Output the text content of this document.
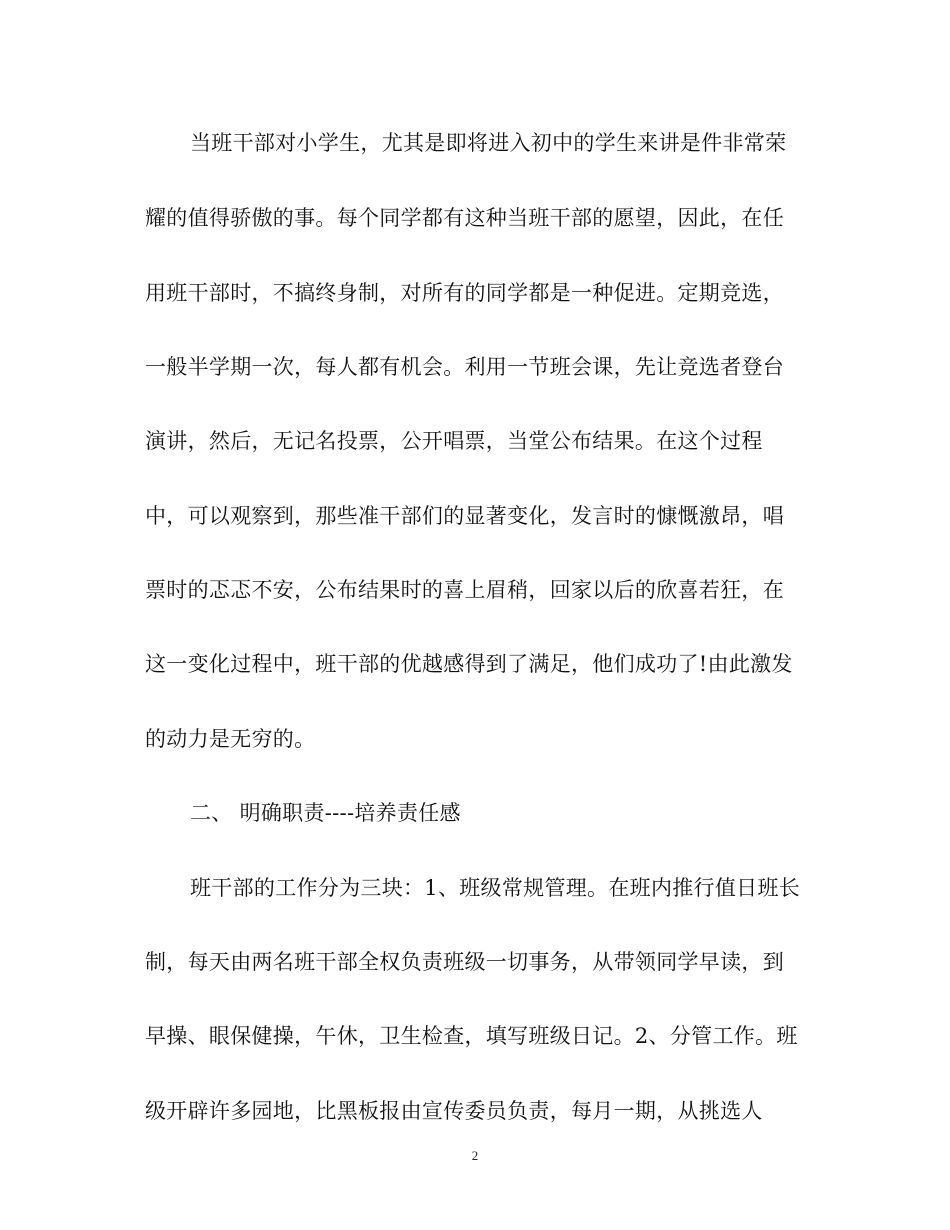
当班干部对小学生，尤其是即将进入初中的学生来讲是件非常荣
耀的值得骄傲的事。每个同学都有这种当班干部的愿望，因此，在任
用班干部时，不搞终身制，对所有的同学都是一种促进。定期竞选，
一般半学期一次，每人都有机会。利用一节班会课，先让竞选者登台
演讲，然后，无记名投票，公开唱票，当堂公布结果。在这个过程
中，可以观察到，那些准干部们的显著变化，发言时的慷慨激昂，唱
票时的忑忑不安，公布结果时的喜上眉稍，回家以后的欣喜若狂，在
这一变化过程中，班干部的优越感得到了满足，他们成功了!由此激发
的动力是无穷的。
二、 明确职责----培养责任感
班干部的工作分为三块：1、班级常规管理。在班内推行值日班长
制，每天由两名班干部全权负责班级一切事务，从带领同学早读，到
早操、眼保健操，午休，卫生检查，填写班级日记。2、分管工作。班
级开辟许多园地，比黑板报由宣传委员负责，每月一期，从挑选人
2
